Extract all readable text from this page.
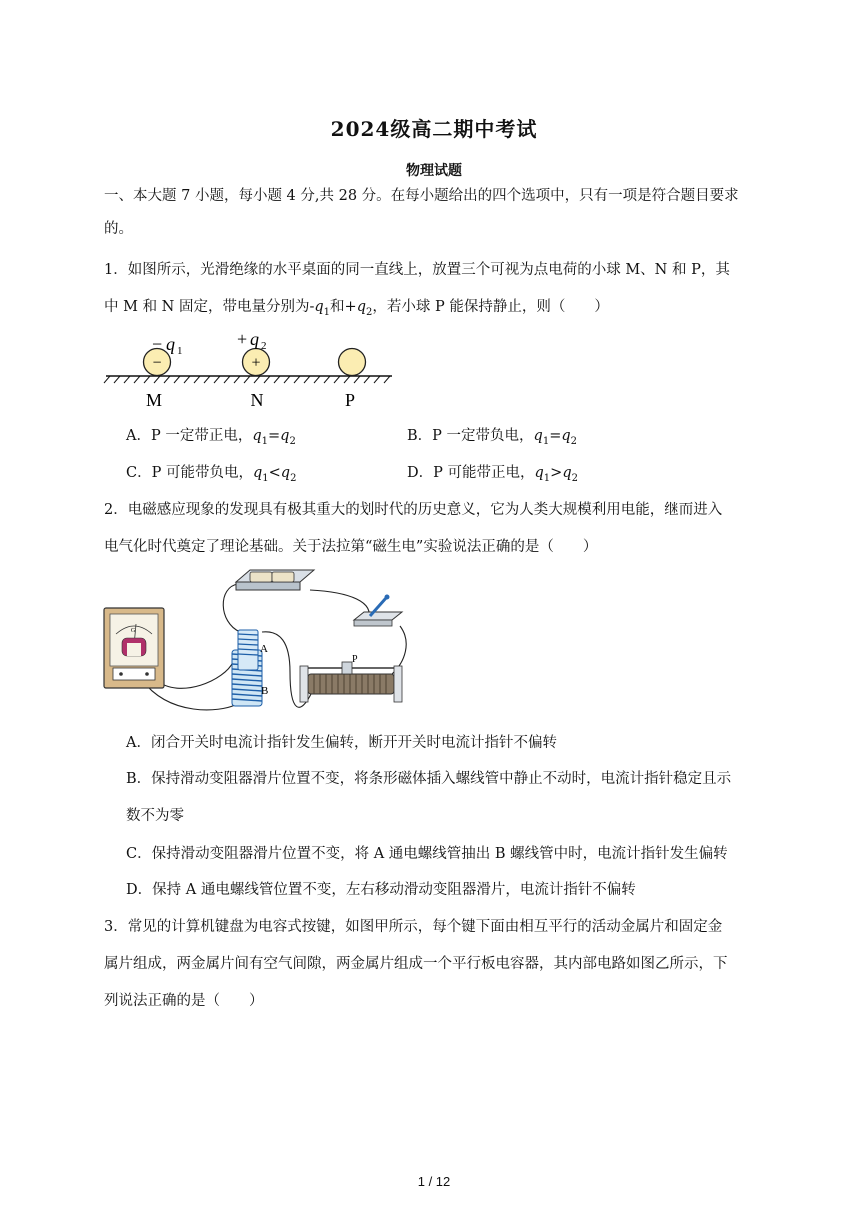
2024级高二期中考试
物理试题
一、本大题 7 小题，每小题 4 分,共 28 分。在每小题给出的四个选项中，只有一项是符合题目要求
的。
1．如图所示，光滑绝缘的水平桌面的同一直线上，放置三个可视为点电荷的小球 M、N 和 P，其
中 M 和 N 固定，带电量分别为$-q_1$和$+q_2$，若小球 P 能保持静止，则（　　）
−	+
− q 1
+ q 2
M	N	P
A．P 一定带正电，$q_1=q_2$	B．P 一定带负电，$q_1=q_2$
C．P 可能带负电，$q_1<q_2$	D．P 可能带正电，$q_1>q_2$
2．电磁感应现象的发现具有极其重大的划时代的历史意义，它为人类大规模利用电能，继而进入
电气化时代奠定了理论基础。关于法拉第“磁生电”实验说法正确的是（　　）
G
A
B
P
A．闭合开关时电流计指针发生偏转，断开开关时电流计指针不偏转
B．保持滑动变阻器滑片位置不变，将条形磁体插入螺线管中静止不动时，电流计指针稳定且示
数不为零
C．保持滑动变阻器滑片位置不变，将 A 通电螺线管抽出 B 螺线管中时，电流计指针发生偏转
D．保持 A 通电螺线管位置不变，左右移动滑动变阻器滑片，电流计指针不偏转
3．常见的计算机键盘为电容式按键，如图甲所示，每个键下面由相互平行的活动金属片和固定金
属片组成，两金属片间有空气间隙，两金属片组成一个平行板电容器，其内部电路如图乙所示，下
列说法正确的是（　　）
1 / 12
